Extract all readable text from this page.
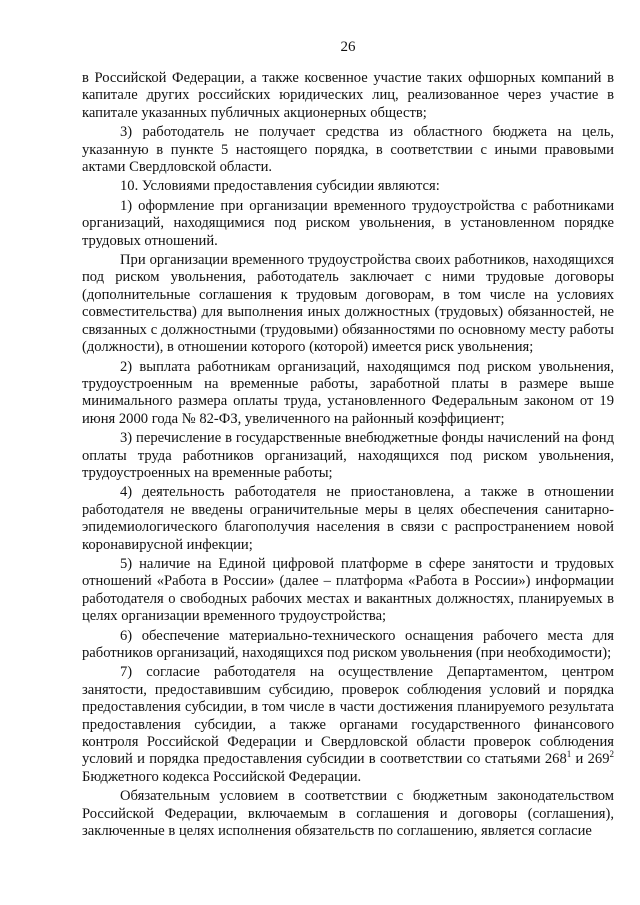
26

в Российской Федерации, а также косвенное участие таких офшорных компаний в капитале других российских юридических лиц, реализованное через участие в капитале указанных публичных акционерных обществ;

3) работодатель не получает средства из областного бюджета на цель, указанную в пункте 5 настоящего порядка, в соответствии с иными правовыми актами Свердловской области.

10. Условиями предоставления субсидии являются:

1) оформление при организации временного трудоустройства с работниками организаций, находящимися под риском увольнения, в установленном порядке трудовых отношений.

При организации временного трудоустройства своих работников, находящихся под риском увольнения, работодатель заключает с ними трудовые договоры (дополнительные соглашения к трудовым договорам, в том числе на условиях совместительства) для выполнения иных должностных (трудовых) обязанностей, не связанных с должностными (трудовыми) обязанностями по основному месту работы (должности), в отношении которого (которой) имеется риск увольнения;

2) выплата работникам организаций, находящимся под риском увольнения, трудоустроенным на временные работы, заработной платы в размере выше минимального размера оплаты труда, установленного Федеральным законом от 19 июня 2000 года № 82-ФЗ, увеличенного на районный коэффициент;

3) перечисление в государственные внебюджетные фонды начислений на фонд оплаты труда работников организаций, находящихся под риском увольнения, трудоустроенных на временные работы;

4) деятельность работодателя не приостановлена, а также в отношении работодателя не введены ограничительные меры в целях обеспечения санитарно-эпидемиологического благополучия населения в связи с распространением новой коронавирусной инфекции;

5) наличие на Единой цифровой платформе в сфере занятости и трудовых отношений «Работа в России» (далее – платформа «Работа в России») информации работодателя о свободных рабочих местах и вакантных должностях, планируемых в целях организации временного трудоустройства;

6) обеспечение материально-технического оснащения рабочего места для работников организаций, находящихся под риском увольнения (при необходимости);

7) согласие работодателя на осуществление Департаментом, центром занятости, предоставившим субсидию, проверок соблюдения условий и порядка предоставления субсидии, в том числе в части достижения планируемого результата предоставления субсидии, а также органами государственного финансового контроля Российской Федерации и Свердловской области проверок соблюдения условий и порядка предоставления субсидии в соответствии со статьями $268^1$ и $269^2$ Бюджетного кодекса Российской Федерации.

Обязательным условием в соответствии с бюджетным законодательством Российской Федерации, включаемым в соглашения и договоры (соглашения), заключенные в целях исполнения обязательств по соглашению, является согласие
